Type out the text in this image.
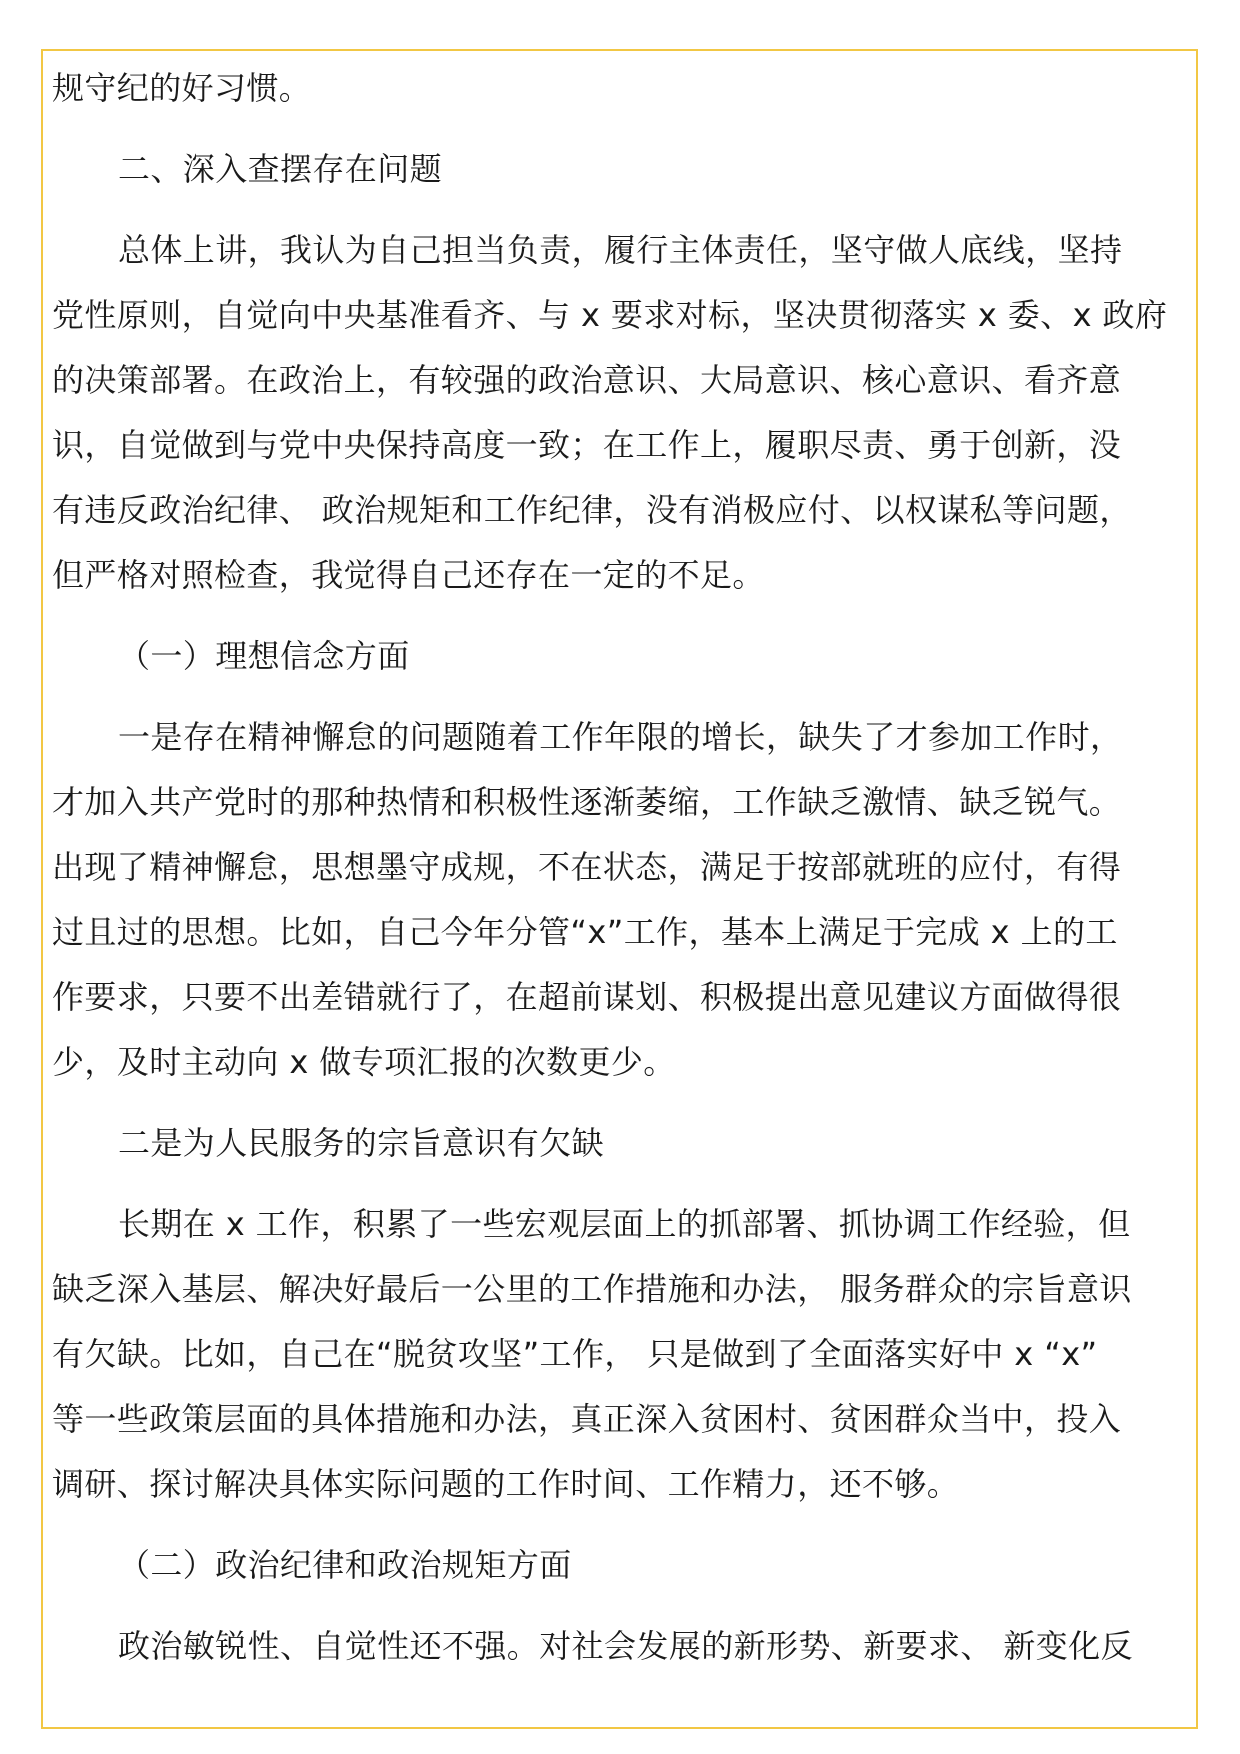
规守纪的好习惯。
二、深入查摆存在问题
总体上讲，我认为自己担当负责，履行主体责任，坚守做人底线，坚持
党性原则，自觉向中央基准看齐、与 x 要求对标，坚决贯彻落实 x 委、x 政府
的决策部署。在政治上，有较强的政治意识、大局意识、核心意识、看齐意
识，自觉做到与党中央保持高度一致；在工作上，履职尽责、勇于创新，没
有违反政治纪律、 政治规矩和工作纪律，没有消极应付、以权谋私等问题，
但严格对照检查，我觉得自己还存在一定的不足。
（一）理想信念方面
一是存在精神懈怠的问题随着工作年限的增长，缺失了才参加工作时，
才加入共产党时的那种热情和积极性逐渐萎缩，工作缺乏激情、缺乏锐气。
出现了精神懈怠，思想墨守成规，不在状态，满足于按部就班的应付，有得
过且过的思想。比如，自己今年分管“x”工作，基本上满足于完成 x 上的工
作要求，只要不出差错就行了，在超前谋划、积极提出意见建议方面做得很
少，及时主动向 x 做专项汇报的次数更少。
二是为人民服务的宗旨意识有欠缺
长期在 x 工作，积累了一些宏观层面上的抓部署、抓协调工作经验，但
缺乏深入基层、解决好最后一公里的工作措施和办法， 服务群众的宗旨意识
有欠缺。比如，自己在“脱贫攻坚”工作， 只是做到了全面落实好中 x “x”
等一些政策层面的具体措施和办法，真正深入贫困村、贫困群众当中，投入
调研、探讨解决具体实际问题的工作时间、工作精力，还不够。
（二）政治纪律和政治规矩方面
政治敏锐性、自觉性还不强。对社会发展的新形势、新要求、 新变化反
